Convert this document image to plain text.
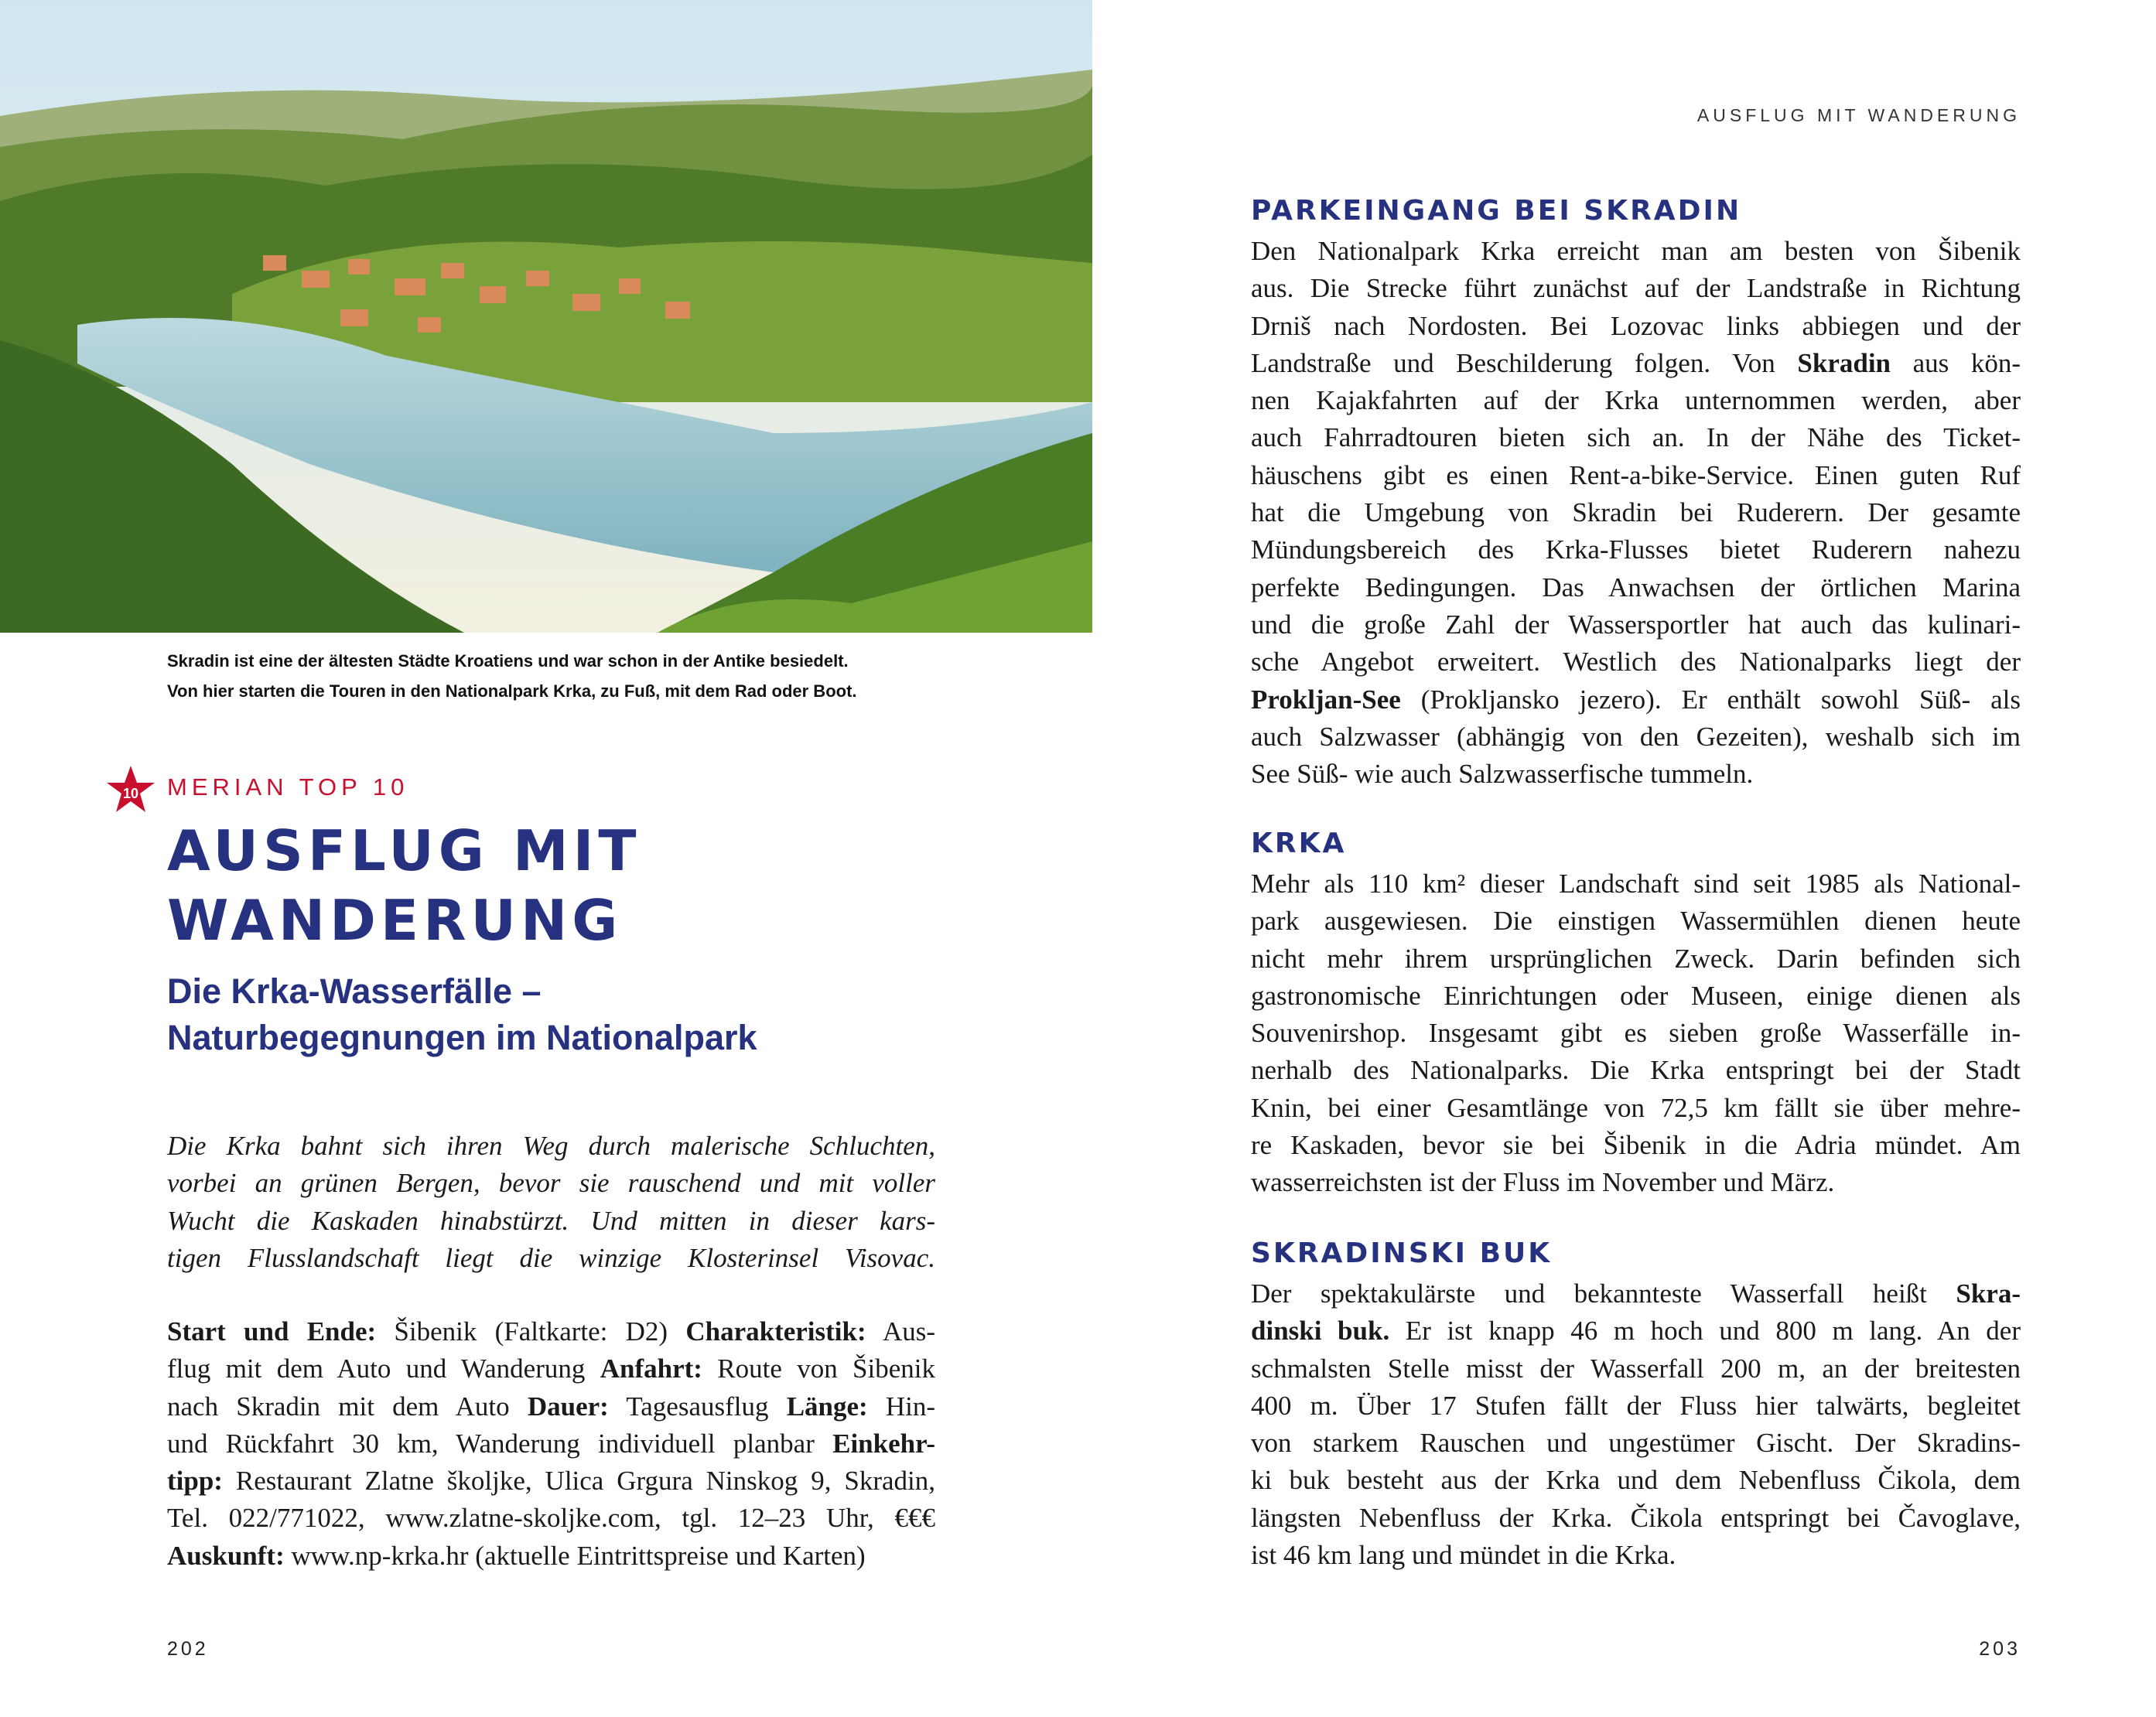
Skradin ist eine der ältesten Städte Kroatiens und war schon in der Antike besiedelt.
Von hier starten die Touren in den Nationalpark Krka, zu Fuß, mit dem Rad oder Boot.
10 MERIAN TOP 10
AUSFLUG MIT
WANDERUNG
Die Krka-Wasserfälle –
Naturbegegnungen im Nationalpark
Die Krka bahnt sich ihren Weg durch malerische Schluchten,
vorbei an grünen Bergen, bevor sie rauschend und mit voller
Wucht die Kaskaden hinabstürzt. Und mitten in dieser kars-
tigen Flusslandschaft liegt die winzige Klosterinsel Visovac.
Start und Ende: Šibenik (Faltkarte: D2) Charakteristik: Aus-
flug mit dem Auto und Wanderung Anfahrt: Route von Šibenik
nach Skradin mit dem Auto Dauer: Tagesausflug Länge: Hin-
und Rückfahrt 30 km, Wanderung individuell planbar Einkehr-
tipp: Restaurant Zlatne školjke, Ulica Grgura Ninskog 9, Skradin,
Tel. 022/771022, www.zlatne-skoljke.com, tgl. 12–23 Uhr, €€€
Auskunft: www.np-krka.hr (aktuelle Eintrittspreise und Karten)
202
AUSFLUG MIT WANDERUNG
PARKEINGANG BEI SKRADIN
Den Nationalpark Krka erreicht man am besten von Šibenik
aus. Die Strecke führt zunächst auf der Landstraße in Richtung
Drniš nach Nordosten. Bei Lozovac links abbiegen und der
Landstraße und Beschilderung folgen. Von Skradin aus kön-
nen Kajakfahrten auf der Krka unternommen werden, aber
auch Fahrradtouren bieten sich an. In der Nähe des Ticket-
häuschens gibt es einen Rent-a-bike-Service. Einen guten Ruf
hat die Umgebung von Skradin bei Ruderern. Der gesamte
Mündungsbereich des Krka-Flusses bietet Ruderern nahezu
perfekte Bedingungen. Das Anwachsen der örtlichen Marina
und die große Zahl der Wassersportler hat auch das kulinari-
sche Angebot erweitert. Westlich des Nationalparks liegt der
Prokljan-See (Prokljansko jezero). Er enthält sowohl Süß- als
auch Salzwasser (abhängig von den Gezeiten), weshalb sich im
See Süß- wie auch Salzwasserfische tummeln.
KRKA
Mehr als 110 km² dieser Landschaft sind seit 1985 als National-
park ausgewiesen. Die einstigen Wassermühlen dienen heute
nicht mehr ihrem ursprünglichen Zweck. Darin befinden sich
gastronomische Einrichtungen oder Museen, einige dienen als
Souvenirshop. Insgesamt gibt es sieben große Wasserfälle in-
nerhalb des Nationalparks. Die Krka entspringt bei der Stadt
Knin, bei einer Gesamtlänge von 72,5 km fällt sie über mehre-
re Kaskaden, bevor sie bei Šibenik in die Adria mündet. Am
wasserreichsten ist der Fluss im November und März.
SKRADINSKI BUK
Der spektakulärste und bekannteste Wasserfall heißt Skra-
dinski buk. Er ist knapp 46 m hoch und 800 m lang. An der
schmalsten Stelle misst der Wasserfall 200 m, an der breitesten
400 m. Über 17 Stufen fällt der Fluss hier talwärts, begleitet
von starkem Rauschen und ungestümer Gischt. Der Skradins-
ki buk besteht aus der Krka und dem Nebenfluss Čikola, dem
längsten Nebenfluss der Krka. Čikola entspringt bei Čavoglave,
ist 46 km lang und mündet in die Krka.
203
